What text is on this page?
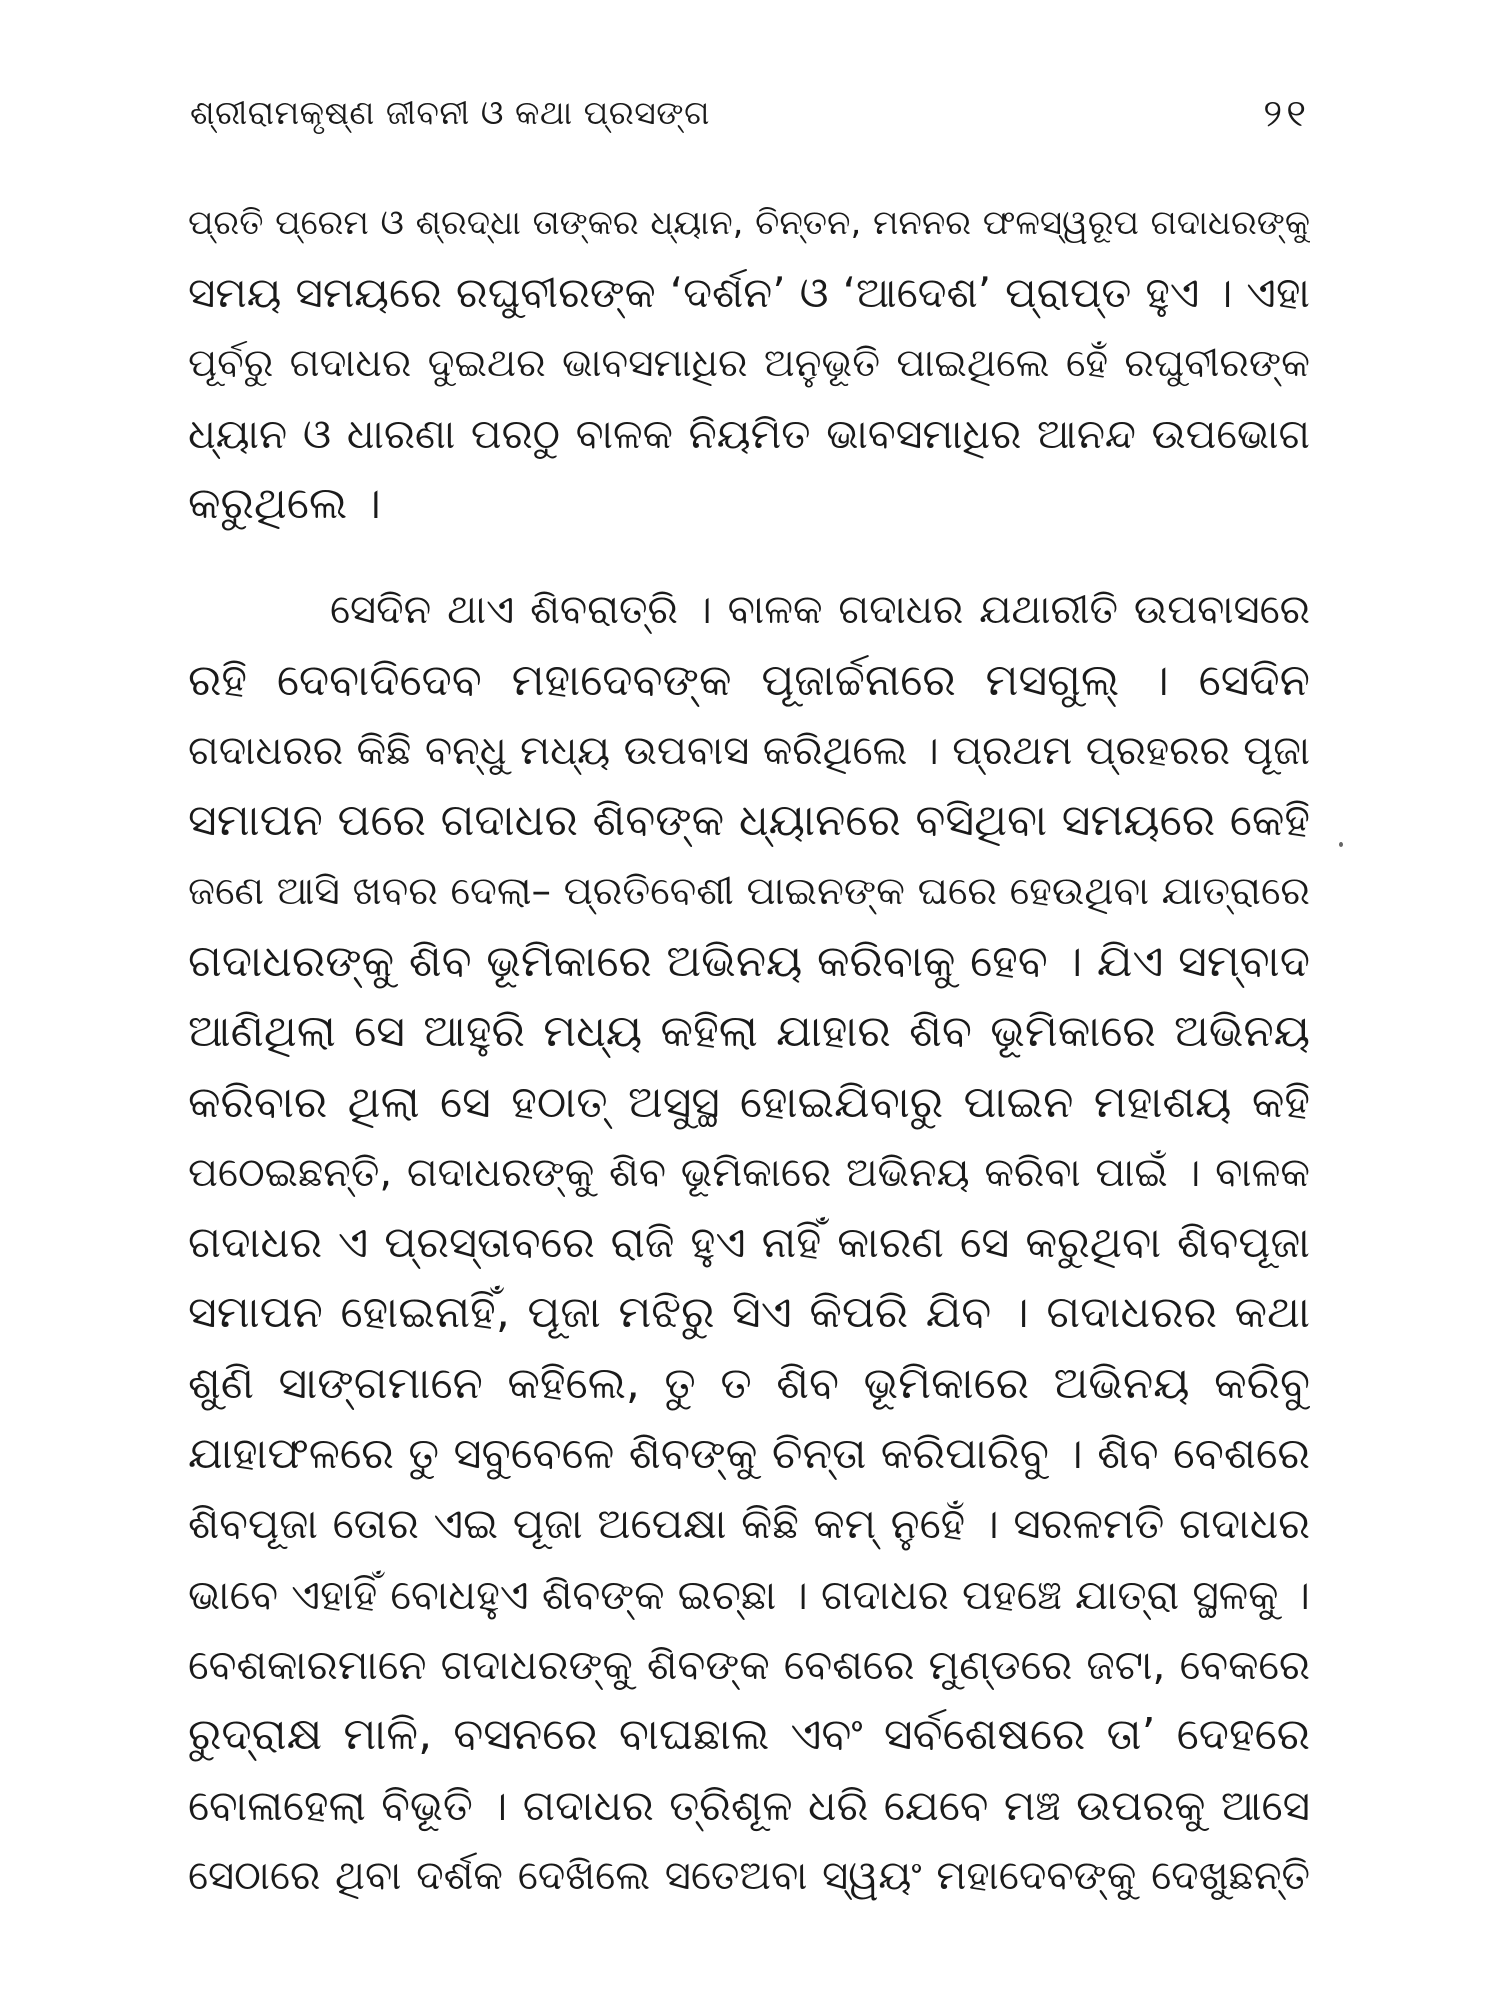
ଶ୍ରୀରାମକୃଷ୍ଣ ଜୀବନୀ ଓ କଥା ପ୍ରସଙ୍ଗ	୨୧
ପ୍ରତି ପ୍ରେମ ଓ ଶ୍ରଦ୍ଧା ତାଙ୍କର ଧ୍ୟାନ, ଚିନ୍ତନ, ମନନର ଫଳସ୍ୱରୂପ ଗଦାଧରଙ୍କୁ
ସମୟ ସମୟରେ ରଘୁବୀରଙ୍କ ‘ଦର୍ଶନ’ ଓ ‘ଆଦେଶ’ ପ୍ରାପ୍ତ ହୁଏ । ଏହା
ପୂର୍ବରୁ ଗଦାଧର ଦୁଇଥର ଭାବସମାଧିର ଅନୁଭୂତି ପାଇଥିଲେ ହେଁ ରଘୁବୀରଙ୍କ
ଧ୍ୟାନ ଓ ଧାରଣା ପରଠୁ ବାଳକ ନିୟମିତ ଭାବସମାଧିର ଆନନ୍ଦ ଉପଭୋଗ
କରୁଥିଲେ ।
ସେଦିନ ଥାଏ ଶିବରାତ୍ରି । ବାଳକ ଗଦାଧର ଯଥାରୀତି ଉପବାସରେ
ରହି ଦେବାଦିଦେବ ମହାଦେବଙ୍କ ପୂଜାର୍ଚ୍ଚନାରେ ମସଗୁଲ୍ । ସେଦିନ
ଗଦାଧରର କିଛି ବନ୍ଧୁ ମଧ୍ୟ ଉପବାସ କରିଥିଲେ । ପ୍ରଥମ ପ୍ରହରର ପୂଜା
ସମାପନ ପରେ ଗଦାଧର ଶିବଙ୍କ ଧ୍ୟାନରେ ବସିଥିବା ସମୟରେ କେହି
ଜଣେ ଆସି ଖବର ଦେଲା– ପ୍ରତିବେଶୀ ପାଇନଙ୍କ ଘରେ ହେଉଥିବା ଯାତ୍ରାରେ
ଗଦାଧରଙ୍କୁ ଶିବ ଭୂମିକାରେ ଅଭିନୟ କରିବାକୁ ହେବ । ଯିଏ ସମ୍ବାଦ
ଆଣିଥିଲା ସେ ଆହୁରି ମଧ୍ୟ କହିଲା ଯାହାର ଶିବ ଭୂମିକାରେ ଅଭିନୟ
କରିବାର ଥିଲା ସେ ହଠାତ୍ ଅସୁସ୍ଥ ହୋଇଯିବାରୁ ପାଇନ ମହାଶୟ କହି
ପଠେଇଛନ୍ତି, ଗଦାଧରଙ୍କୁ ଶିବ ଭୂମିକାରେ ଅଭିନୟ କରିବା ପାଇଁ । ବାଳକ
ଗଦାଧର ଏ ପ୍ରସ୍ତାବରେ ରାଜି ହୁଏ ନାହିଁ କାରଣ ସେ କରୁଥିବା ଶିବପୂଜା
ସମାପନ ହୋଇନାହିଁ, ପୂଜା ମଝିରୁ ସିଏ କିପରି ଯିବ । ଗଦାଧରର କଥା
ଶୁଣି ସାଙ୍ଗମାନେ କହିଲେ, ତୁ ତ ଶିବ ଭୂମିକାରେ ଅଭିନୟ କରିବୁ
ଯାହାଫଳରେ ତୁ ସବୁବେଳେ ଶିବଙ୍କୁ ଚିନ୍ତା କରିପାରିବୁ । ଶିବ ବେଶରେ
ଶିବପୂଜା ତୋର ଏଇ ପୂଜା ଅପେକ୍ଷା କିଛି କମ୍ ନୁହେଁ । ସରଳମତି ଗଦାଧର
ଭାବେ ଏହାହିଁ ବୋଧହୁଏ ଶିବଙ୍କ ଇଚ୍ଛା । ଗଦାଧର ପହଞ୍ଚେ ଯାତ୍ରା ସ୍ଥଳକୁ ।
ବେଶକାରମାନେ ଗଦାଧରଙ୍କୁ ଶିବଙ୍କ ବେଶରେ ମୁଣ୍ଡରେ ଜଟା, ବେକରେ
ରୁଦ୍ରାକ୍ଷ ମାଳି, ବସନରେ ବାଘଛାଲ ଏବଂ ସର୍ବଶେଷରେ ତା’ ଦେହରେ
ବୋଳାହେଲା ବିଭୂତି । ଗଦାଧର ତ୍ରିଶୂଳ ଧରି ଯେବେ ମଞ୍ଚ ଉପରକୁ ଆସେ
ସେଠାରେ ଥିବା ଦର୍ଶକ ଦେଖିଲେ ସତେଅବା ସ୍ୱୟଂ ମହାଦେବଙ୍କୁ ଦେଖୁଛନ୍ତି
